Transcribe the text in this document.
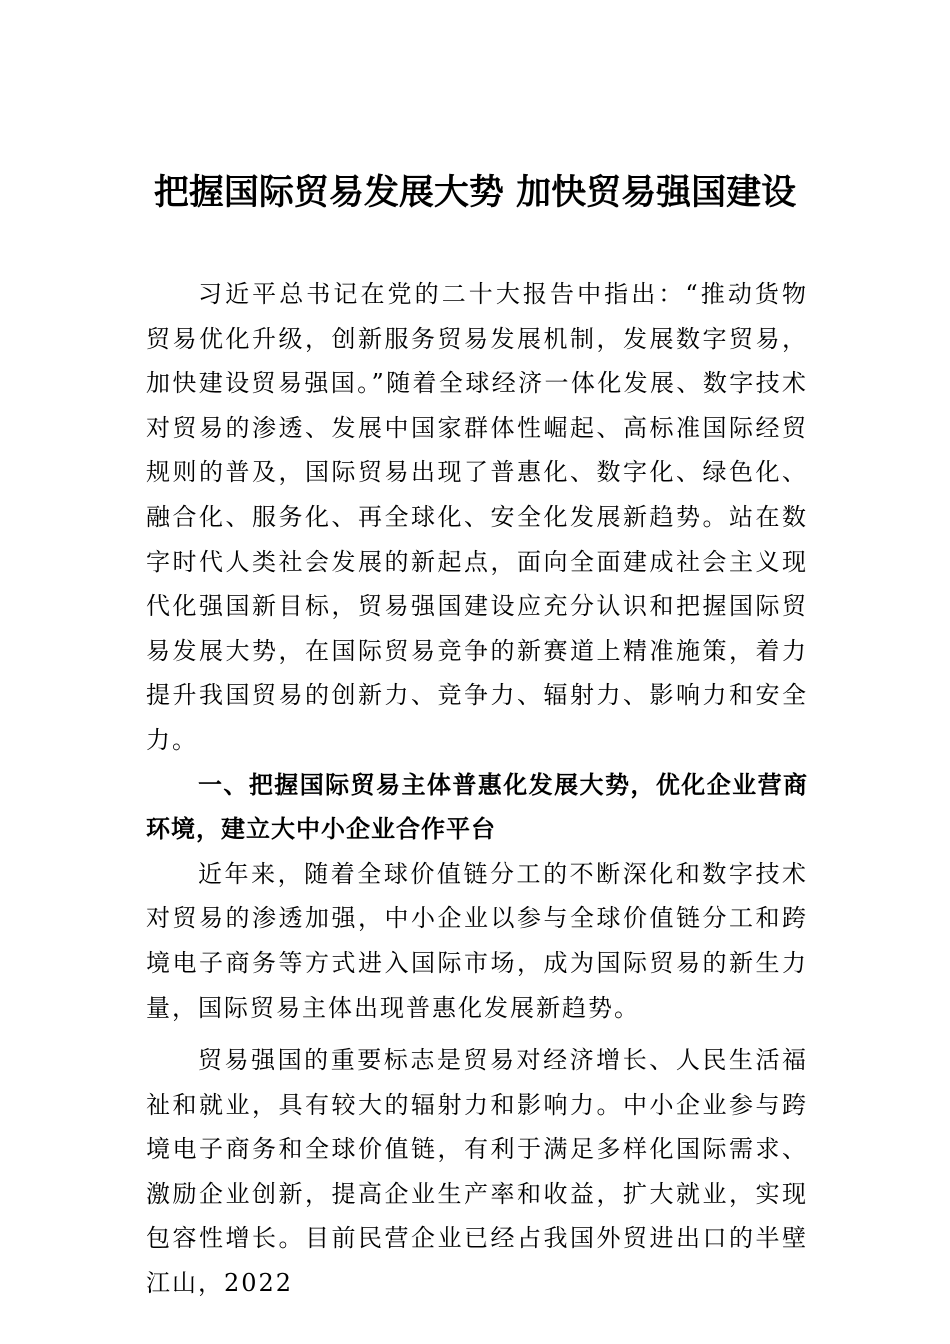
把握国际贸易发展大势 加快贸易强国建设

习近平总书记在党的二十大报告中指出：“推动货物贸易优化升级，创新服务贸易发展机制，发展数字贸易，加快建设贸易强国。”随着全球经济一体化发展、数字技术对贸易的渗透、发展中国家群体性崛起、高标准国际经贸规则的普及，国际贸易出现了普惠化、数字化、绿色化、融合化、服务化、再全球化、安全化发展新趋势。站在数字时代人类社会发展的新起点，面向全面建成社会主义现代化强国新目标，贸易强国建设应充分认识和把握国际贸易发展大势，在国际贸易竞争的新赛道上精准施策，着力提升我国贸易的创新力、竞争力、辐射力、影响力和安全力。

一、把握国际贸易主体普惠化发展大势，优化企业营商环境，建立大中小企业合作平台

近年来，随着全球价值链分工的不断深化和数字技术对贸易的渗透加强，中小企业以参与全球价值链分工和跨境电子商务等方式进入国际市场，成为国际贸易的新生力量，国际贸易主体出现普惠化发展新趋势。

贸易强国的重要标志是贸易对经济增长、人民生活福祉和就业，具有较大的辐射力和影响力。中小企业参与跨境电子商务和全球价值链，有利于满足多样化国际需求、激励企业创新，提高企业生产率和收益，扩大就业，实现包容性增长。目前民营企业已经占我国外贸进出口的半壁江山，2022
